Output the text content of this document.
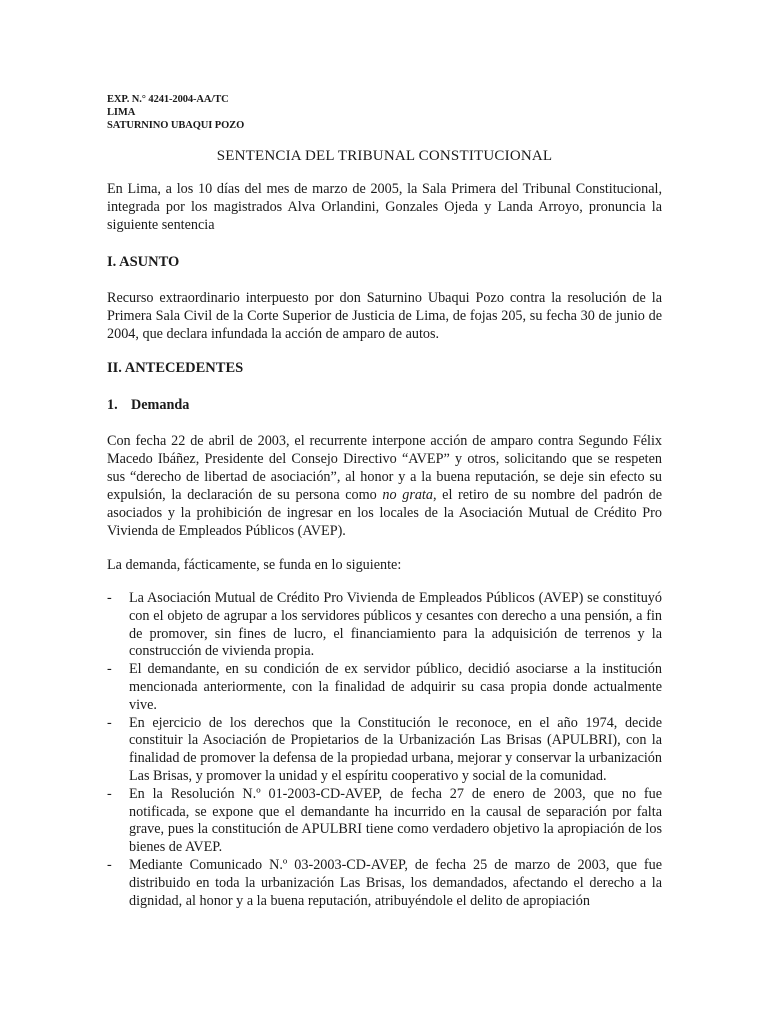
EXP. N.° 4241-2004-AA/TC
LIMA
SATURNINO UBAQUI POZO
SENTENCIA DEL TRIBUNAL CONSTITUCIONAL
En Lima, a los 10 días del mes de marzo de 2005, la Sala Primera del Tribunal Constitucional, integrada por los magistrados Alva Orlandini, Gonzales Ojeda y Landa Arroyo, pronuncia la siguiente sentencia
I. ASUNTO
Recurso extraordinario interpuesto por don Saturnino Ubaqui Pozo contra la resolución de la Primera Sala Civil de la Corte Superior de Justicia de Lima, de fojas 205, su fecha 30 de junio de 2004, que declara infundada la acción de amparo de autos.
II. ANTECEDENTES
1. Demanda
Con fecha 22 de abril de 2003, el recurrente interpone acción de amparo contra Segundo Félix Macedo Ibáñez, Presidente del Consejo Directivo “AVEP” y otros, solicitando que se respeten sus “derecho de libertad de asociación”, al honor y a la buena reputación, se deje sin efecto su expulsión, la declaración de su persona como no grata, el retiro de su nombre del padrón de asociados y la prohibición de ingresar en los locales de la Asociación Mutual de Crédito Pro Vivienda de Empleados Públicos (AVEP).
La demanda, fácticamente, se funda en lo siguiente:
-	La Asociación Mutual de Crédito Pro Vivienda de Empleados Públicos (AVEP) se constituyó con el objeto de agrupar a los servidores públicos y cesantes con derecho a una pensión, a fin de promover, sin fines de lucro, el financiamiento para la adquisición de terrenos y la construcción de vivienda propia.
-	El demandante, en su condición de ex servidor público, decidió asociarse a la institución mencionada anteriormente, con la finalidad de adquirir su casa propia donde actualmente vive.
-	En ejercicio de los derechos que la Constitución le reconoce, en el año 1974, decide constituir la Asociación de Propietarios de la Urbanización Las Brisas (APULBRI), con la finalidad de promover la defensa de la propiedad urbana, mejorar y conservar la urbanización Las Brisas, y promover la unidad y el espíritu cooperativo y social de la comunidad.
-	En la Resolución N.º 01-2003-CD-AVEP, de fecha 27 de enero de 2003, que no fue notificada, se expone que el demandante ha incurrido en la causal de separación por falta grave, pues la constitución de APULBRI tiene como verdadero objetivo la apropiación de los bienes de AVEP.
-	Mediante Comunicado N.º 03-2003-CD-AVEP, de fecha 25 de marzo de 2003, que fue distribuido en toda la urbanización Las Brisas, los demandados, afectando el derecho a la dignidad, al honor y a la buena reputación, atribuyéndole el delito de apropiación
